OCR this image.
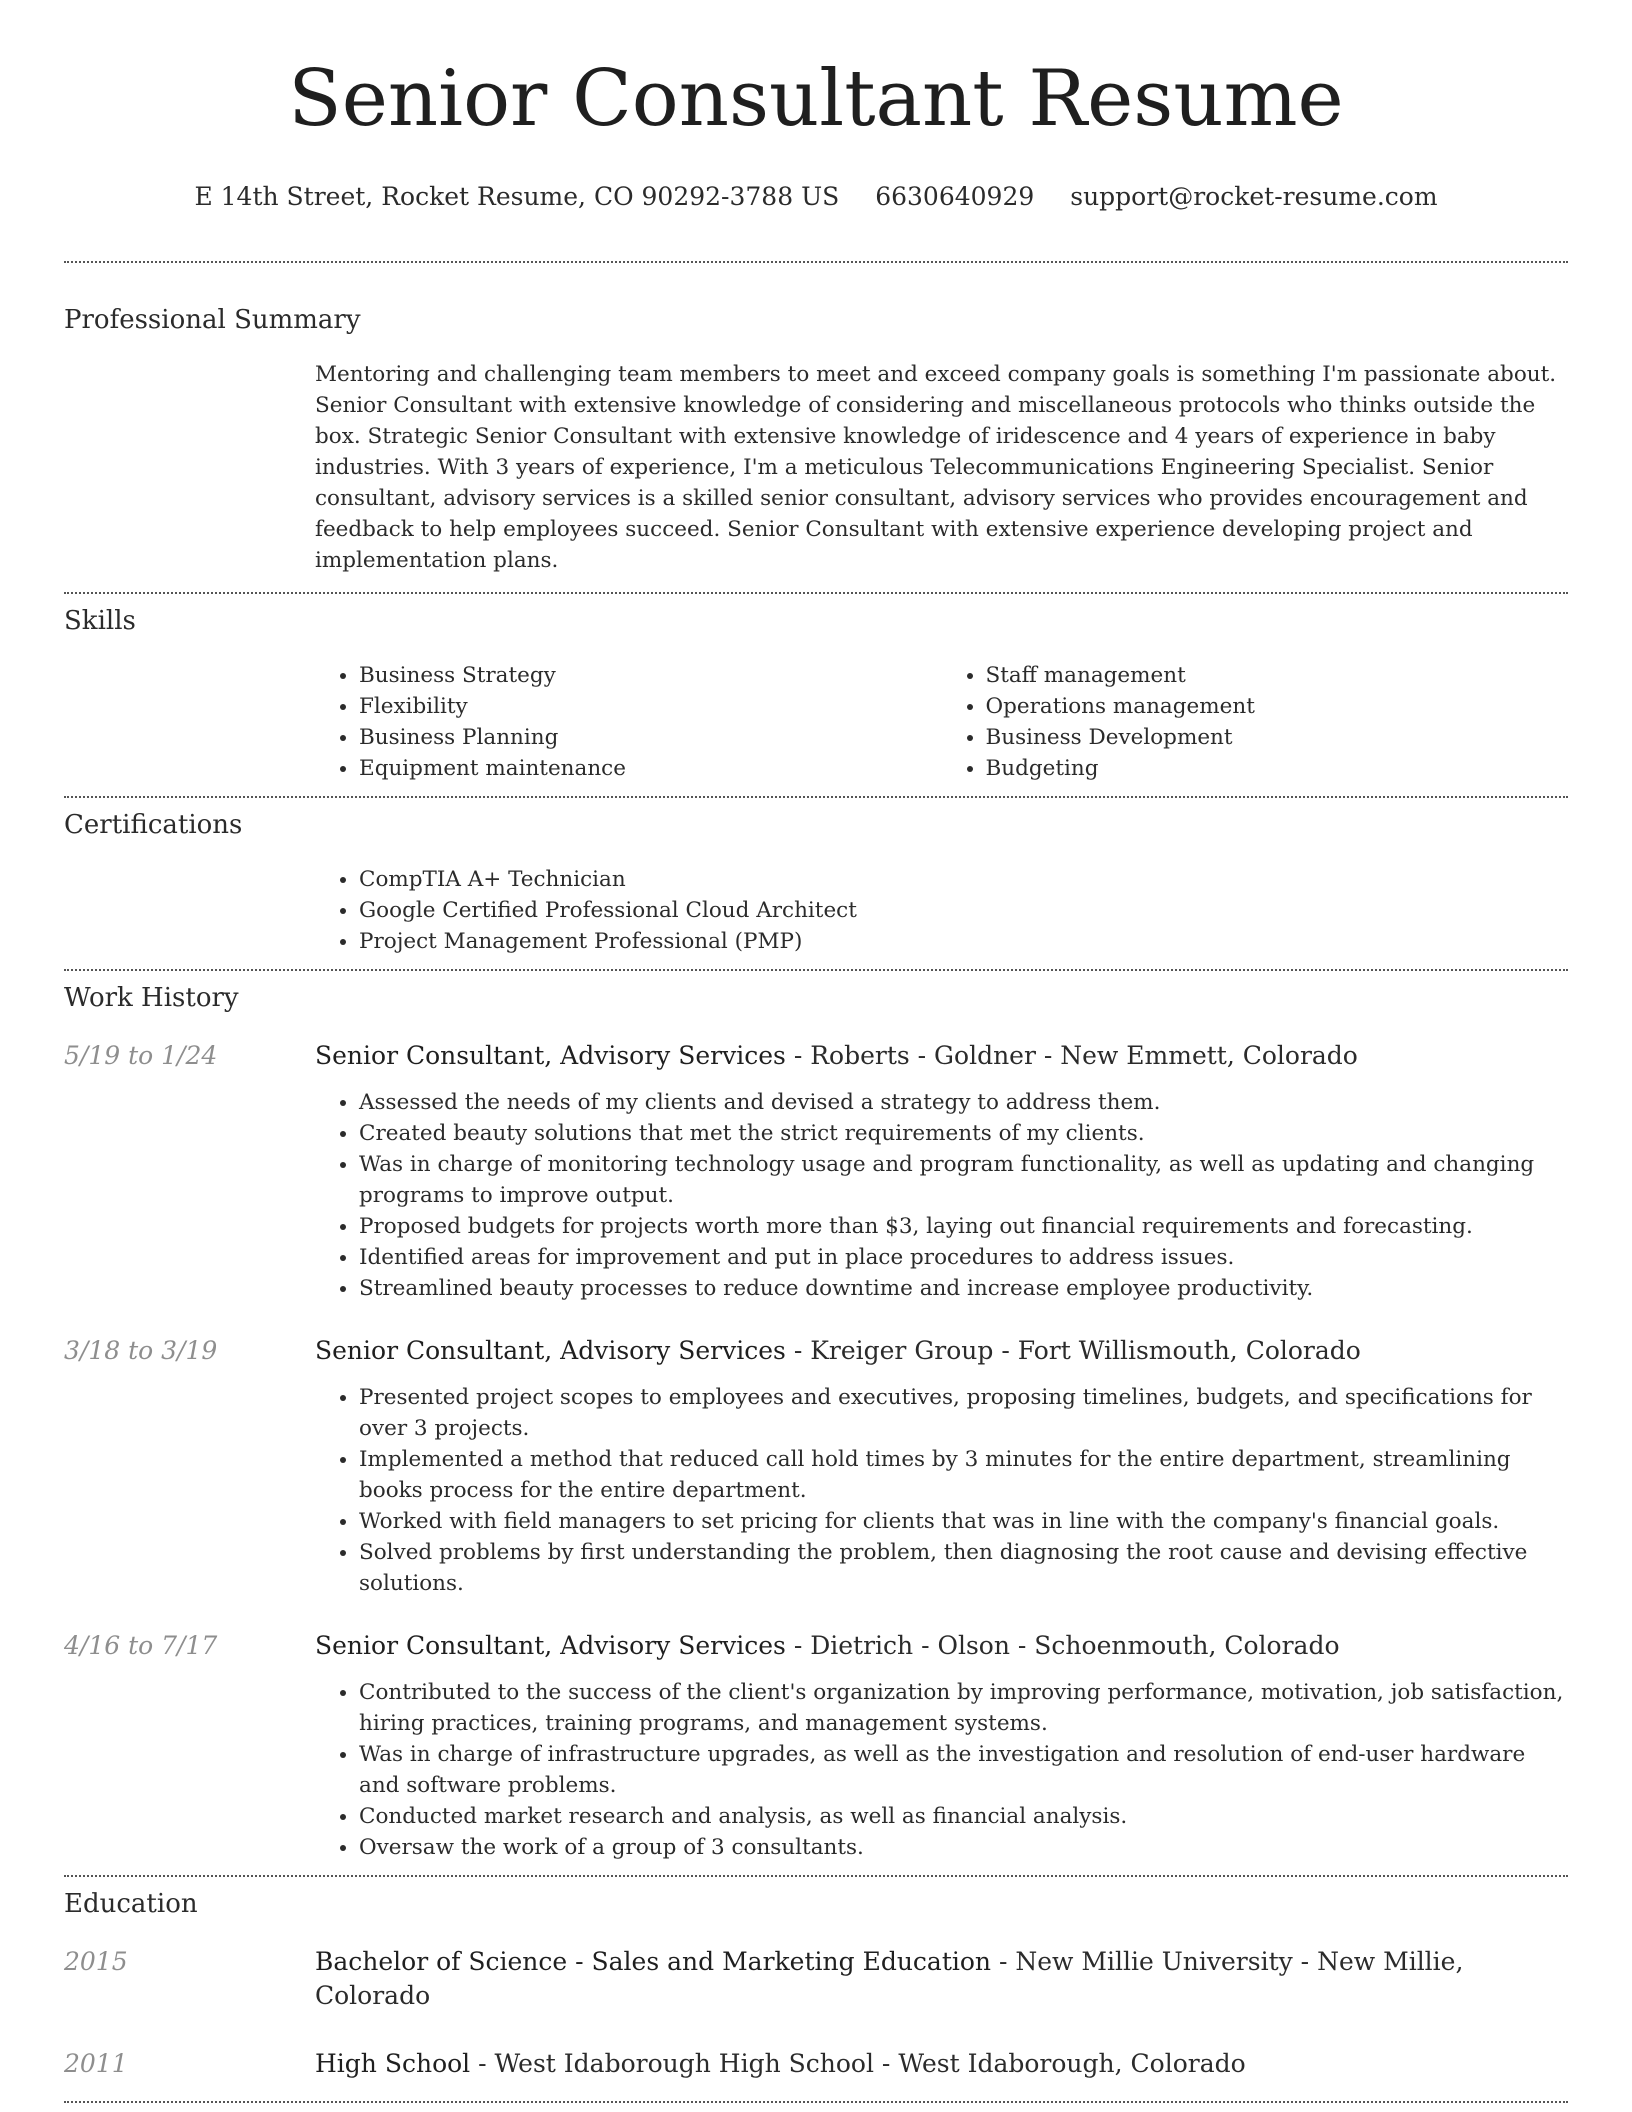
Senior Consultant Resume
E 14th Street, Rocket Resume, CO 90292-3788 US 6630640929 support@rocket-resume.com
Professional Summary

Mentoring and challenging team members to meet and exceed company goals is something I'm passionate about. Senior Consultant with extensive knowledge of considering and miscellaneous protocols who thinks outside the box. Strategic Senior Consultant with extensive knowledge of iridescence and 4 years of experience in baby industries. With 3 years of experience, I'm a meticulous Telecommunications Engineering Specialist. Senior consultant, advisory services is a skilled senior consultant, advisory services who provides encouragement and feedback to help employees succeed. Senior Consultant with extensive experience developing project and implementation plans.

Skills
• Business Strategy
• Flexibility
• Business Planning
• Equipment maintenance
• Staff management
• Operations management
• Business Development
• Budgeting
Certifications
• CompTIA A+ Technician
• Google Certified Professional Cloud Architect
• Project Management Professional (PMP)
Work History
5/19 to 1/24	Senior Consultant, Advisory Services - Roberts - Goldner - New Emmett, Colorado
• Assessed the needs of my clients and devised a strategy to address them.
• Created beauty solutions that met the strict requirements of my clients.
• Was in charge of monitoring technology usage and program functionality, as well as updating and changing programs to improve output.
• Proposed budgets for projects worth more than $3, laying out financial requirements and forecasting.
• Identified areas for improvement and put in place procedures to address issues.
• Streamlined beauty processes to reduce downtime and increase employee productivity.
3/18 to 3/19	Senior Consultant, Advisory Services - Kreiger Group - Fort Willismouth, Colorado
• Presented project scopes to employees and executives, proposing timelines, budgets, and specifications for over 3 projects.
• Implemented a method that reduced call hold times by 3 minutes for the entire department, streamlining books process for the entire department.
• Worked with field managers to set pricing for clients that was in line with the company's financial goals.
• Solved problems by first understanding the problem, then diagnosing the root cause and devising effective solutions.
4/16 to 7/17	Senior Consultant, Advisory Services - Dietrich - Olson - Schoenmouth, Colorado
• Contributed to the success of the client's organization by improving performance, motivation, job satisfaction, hiring practices, training programs, and management systems.
• Was in charge of infrastructure upgrades, as well as the investigation and resolution of end-user hardware and software problems.
• Conducted market research and analysis, as well as financial analysis.
• Oversaw the work of a group of 3 consultants.
Education
2015	Bachelor of Science - Sales and Marketing Education - New Millie University - New Millie, Colorado
2011	High School - West Idaborough High School - West Idaborough, Colorado
